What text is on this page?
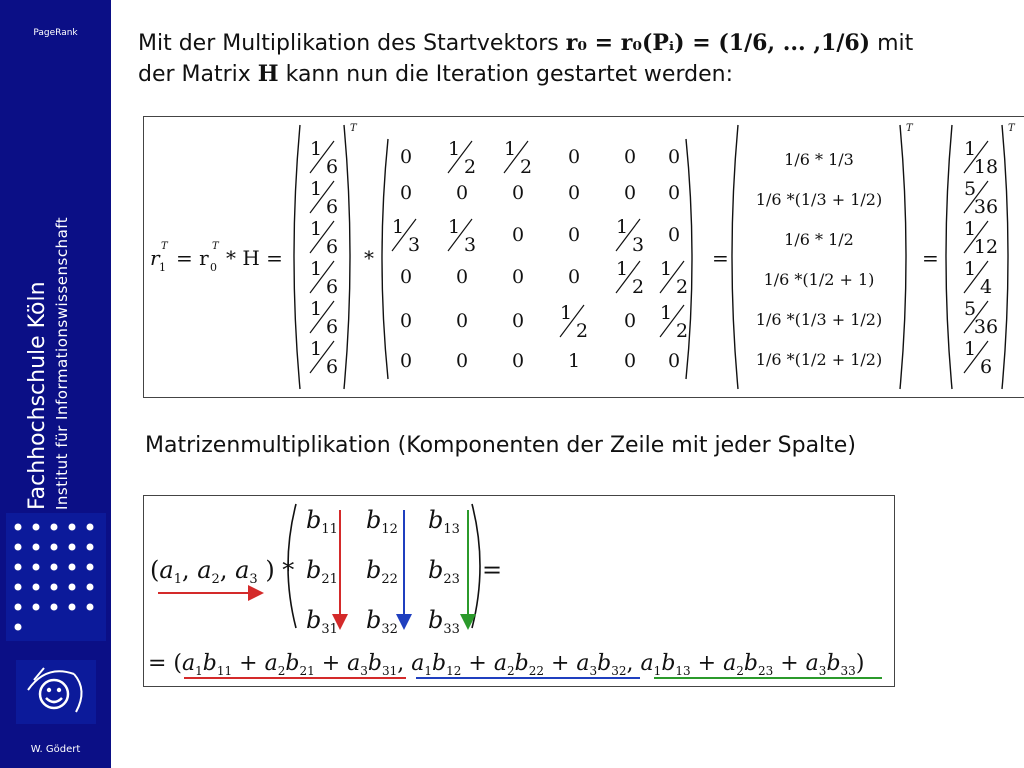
PageRank
Fachhochschule Köln Institut für Informationswissenschaft
W. Gödert
Mit der Multiplikation des Startvektors r₀ = r₀(Pᵢ) = (1/6, ... ,1/6) mit
der Matrix H kann nun die Iteration gestartet werden:
r 1
T = r 0
T * H =
T
1
6
1
6
1
6
1
6
1
6
1
6
*
0 1
2
1
2 0 0 0
0 0 0 0 0 0
1
3
1
3 0 0 1
3 0
0 0 0 0 1
2
1
2
0 0 0 1
2 0 1
2
0 0 0 1 0 0
=
T
1/6 * 1/3
1/6 *(1/3 + 1/2)
1/6 * 1/2
1/6 *(1/2 + 1)
1/6 *(1/3 + 1/2)
1/6 *(1/2 + 1/2)
=
T
1
18
5
36
1
12
1
4
5
36
1
6
Matrizenmultiplikation (Komponenten der Zeile mit jeder Spalte)
($a_1$, $a_2$, $a_3$ ) *
$b_{11}$ $b_{12}$ $b_{13}$
$b_{21}$ $b_{22}$ $b_{23}$
$b_{31}$ $b_{32}$ $b_{33}$
=
= ($a_1b_{11} + a_2b_{21} + a_3b_{31}$, $a_1b_{12} + a_2b_{22} + a_3b_{32}$, $a_1b_{13} + a_2b_{23} + a_3b_{33}$)
